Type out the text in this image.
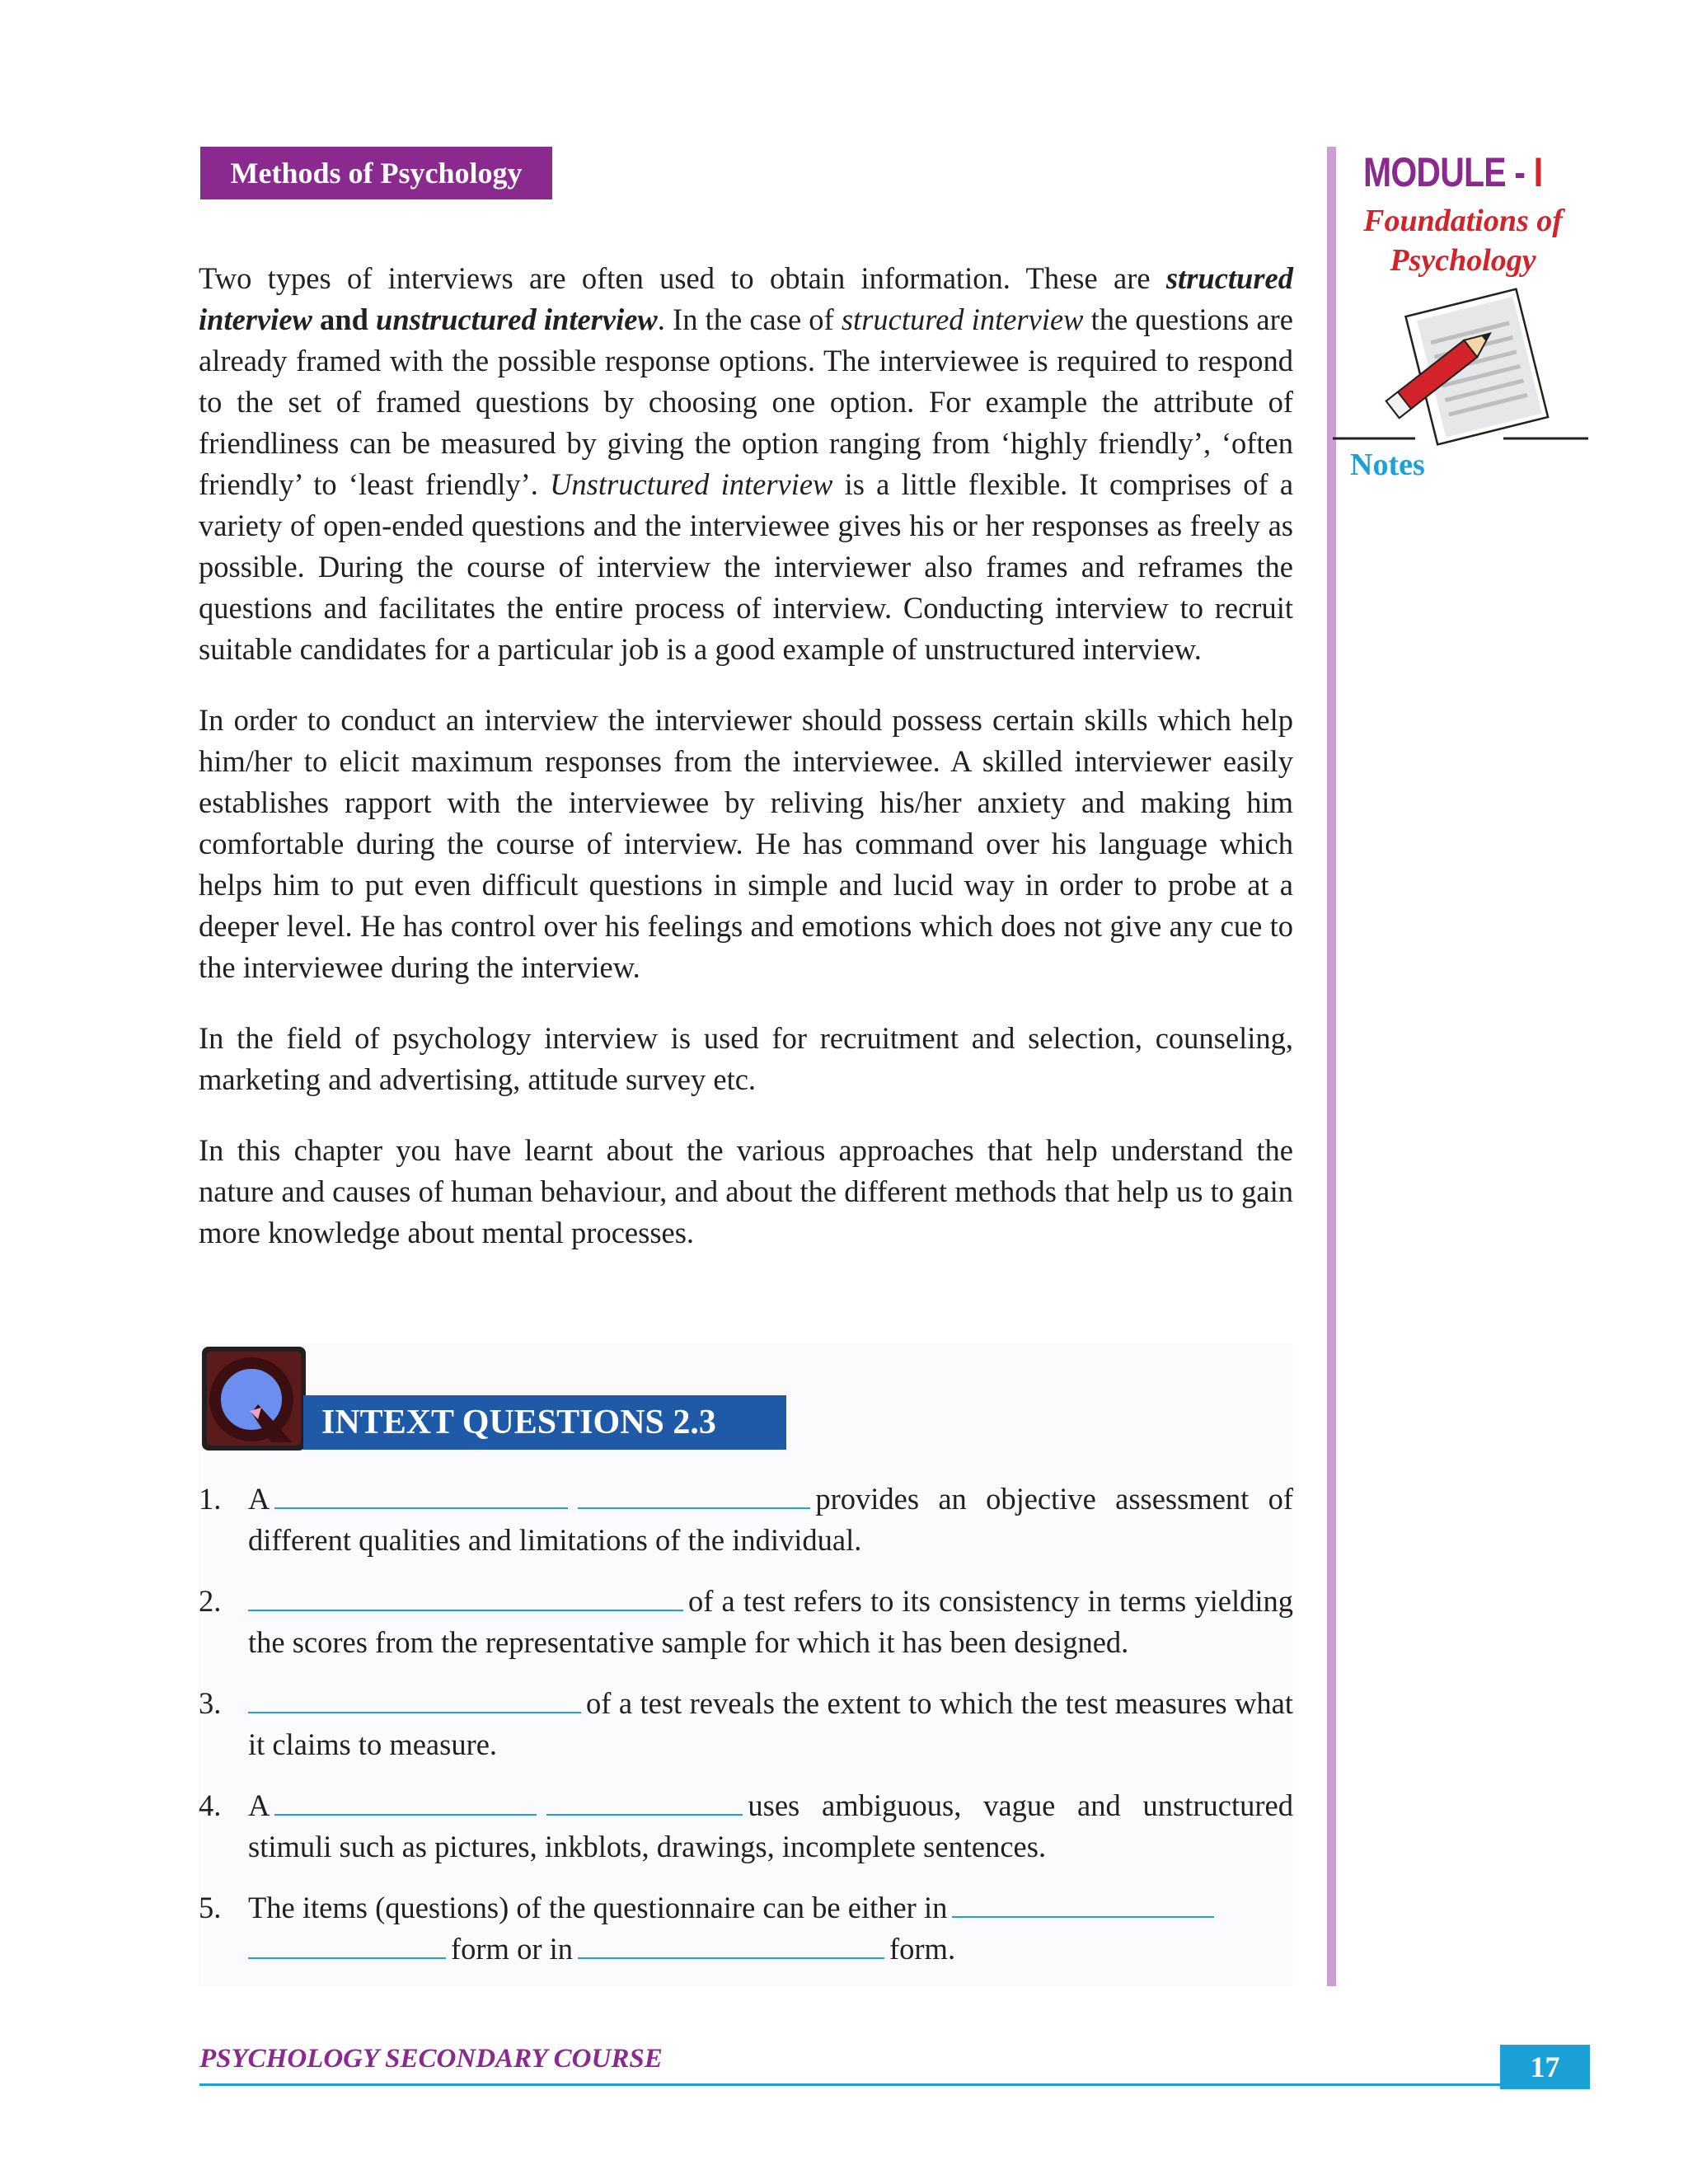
Methods of Psychology	MODULE - I
Foundations of
Psychology
Notes

Two types of interviews are often used to obtain information. These are structured interview and unstructured interview. In the case of structured interview the questions are already framed with the possible response options. The interviewee is required to respond to the set of framed questions by choosing one option. For example the attribute of friendliness can be measured by giving the option ranging from ‘highly friendly’, ‘often friendly’ to ‘least friendly’. Unstructured interview is a little flexible. It comprises of a variety of open-ended questions and the interviewee gives his or her responses as freely as possible. During the course of interview the interviewer also frames and reframes the questions and facilitates the entire process of interview. Conducting interview to recruit suitable candidates for a particular job is a good example of unstructured interview.

In order to conduct an interview the interviewer should possess certain skills which help him/her to elicit maximum responses from the interviewee. A skilled interviewer easily establishes rapport with the interviewee by reliving his/her anxiety and making him comfortable during the course of interview. He has command over his language which helps him to put even difficult questions in simple and lucid way in order to probe at a deeper level. He has control over his feelings and emotions which does not give any cue to the interviewee during the interview.

In the field of psychology interview is used for recruitment and selection, counseling, marketing and advertising, attitude survey etc.

In this chapter you have learnt about the various approaches that help understand the nature and causes of human behaviour, and about the different methods that help us to gain more knowledge about mental processes.

INTEXT QUESTIONS 2.3
1. A	provides an objective assessment of different qualities and limitations of the individual.
2.	of a test refers to its consistency in terms yielding the scores from the representative sample for which it has been designed.
3.	of a test reveals the extent to which the test measures what it claims to measure.
4. A	uses ambiguous, vague and unstructured stimuli such as pictures, inkblots, drawings, incomplete sentences.
5. The items (questions) of the questionnaire can be either in
form or in	form.
PSYCHOLOGY SECONDARY COURSE	17
